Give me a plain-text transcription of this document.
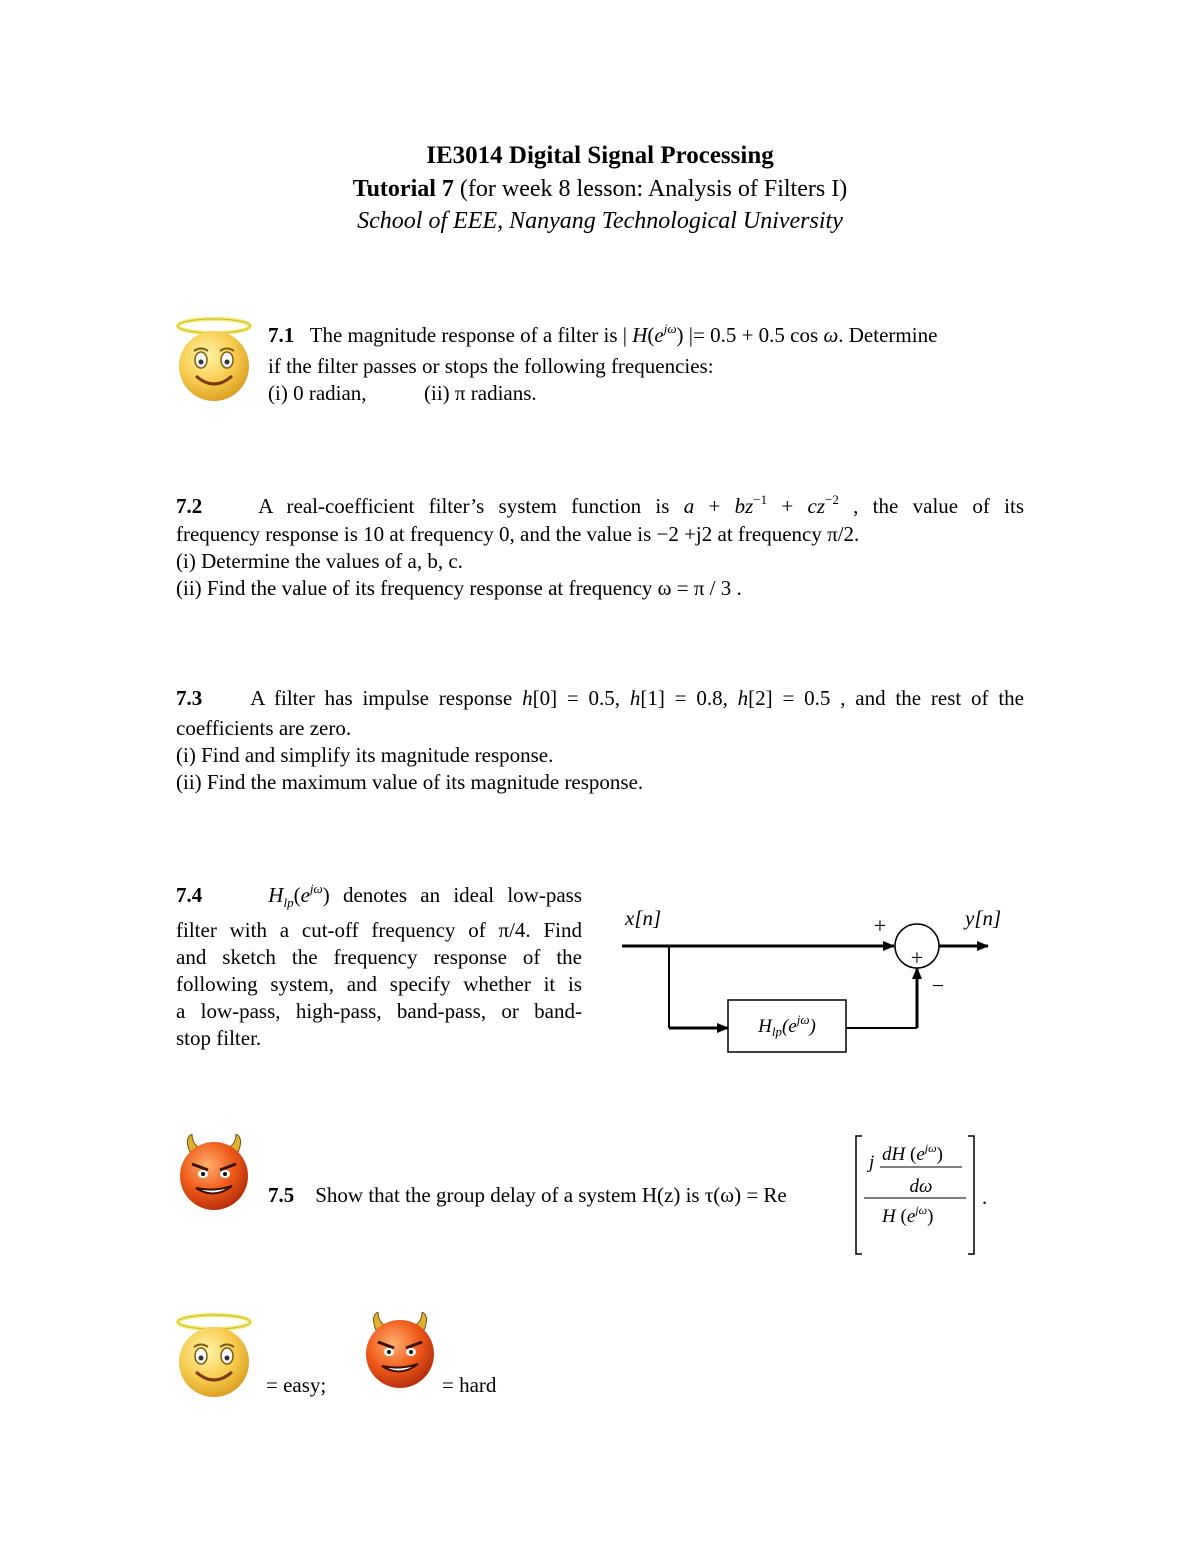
IE3014 Digital Signal Processing
Tutorial 7 (for week 8 lesson: Analysis of Filters I)
School of EEE, Nanyang Technological University
7.1 The magnitude response of a filter is | $H(e^{j\omega})$ |= 0.5 + 0.5 cos ω. Determine
if the filter passes or stops the following frequencies:
(i) 0 radian,	(ii) π radians.
7.2	A real-coefficient filter’s system function is $a + bz^{-1} + cz^{-2}$ , the value of its
frequency response is 10 at frequency 0, and the value is −2 +j2 at frequency π/2.
(i) Determine the values of a, b, c.
(ii) Find the value of its frequency response at frequency ω = π / 3 .
7.3 A filter has impulse response h[0] = 0.5, h[1] = 0.8, h[2] = 0.5 , and the rest of the
coefficients are zero.
(i) Find and simplify its magnitude response.
(ii) Find the maximum value of its magnitude response.
7.4	$H_{lp}(e^{j\omega})$ denotes an ideal low-pass
filter with a cut-off frequency of π/4. Find
and sketch the frequency response of the
following system, and specify whether it is
a low-pass, high-pass, band-pass, or band-
stop filter.
x[n]	y[n]
$H_{lp}(e^{j\omega})$
+
+
−
7.5 Show that the group delay of a system H(z) is τ(ω) = Re
j dH $(e^{j\omega})$
dω
H $(e^{j\omega})$
.
= easy;	= hard
